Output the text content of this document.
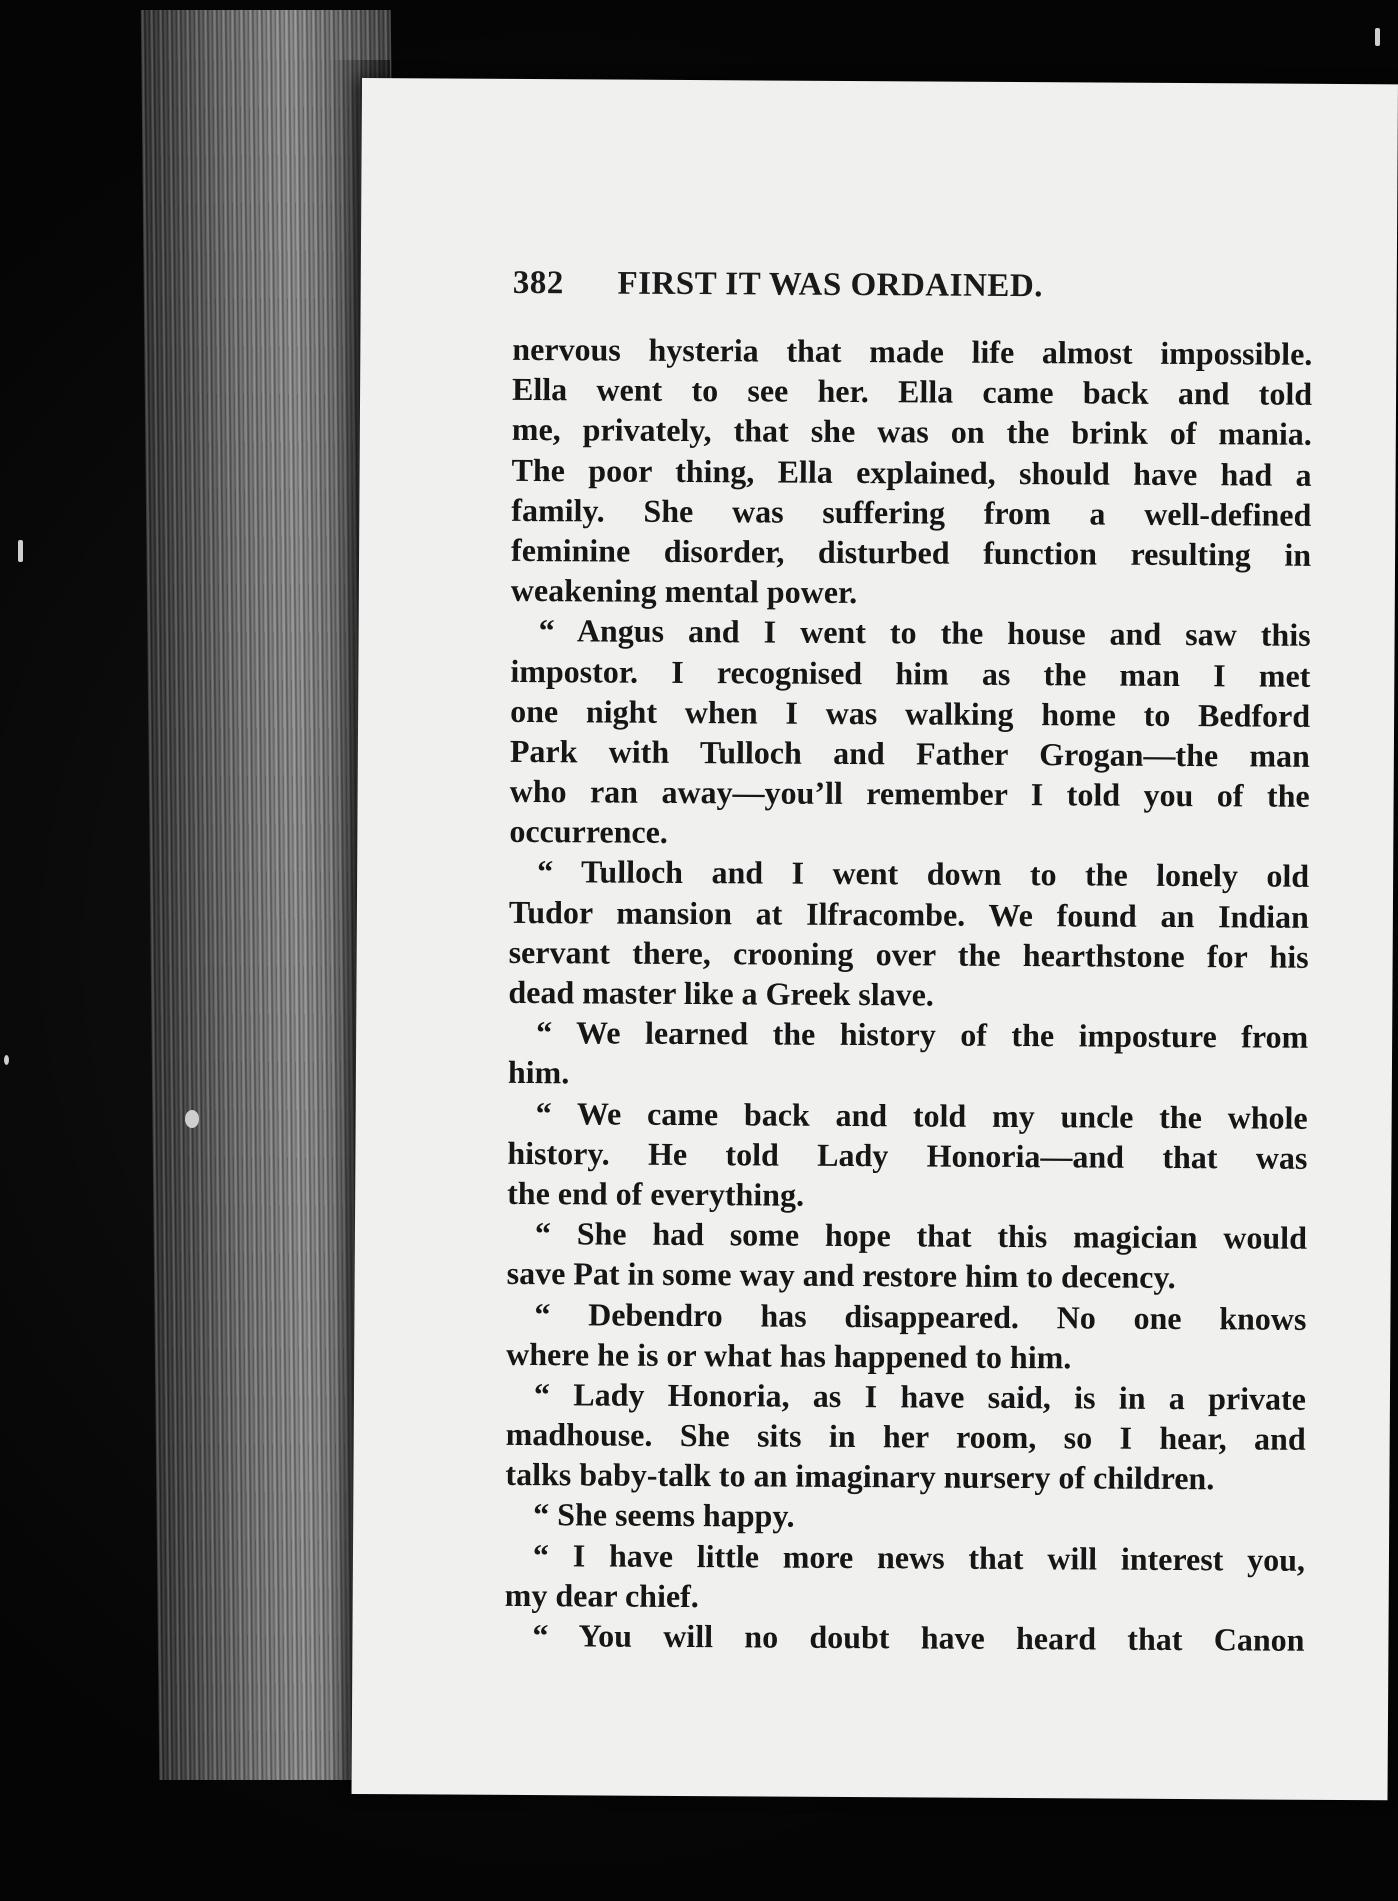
382 FIRST IT WAS ORDAINED.
nervous hysteria that made life almost impossible.
Ella went to see her. Ella came back and told
me, privately, that she was on the brink of mania.
The poor thing, Ella explained, should have had a
family. She was suffering from a well-defined
feminine disorder, disturbed function resulting in
weakening mental power.
“ Angus and I went to the house and saw this
impostor. I recognised him as the man I met
one night when I was walking home to Bedford
Park with Tulloch and Father Grogan—the man
who ran away—you’ll remember I told you of the
occurrence.
“ Tulloch and I went down to the lonely old
Tudor mansion at Ilfracombe. We found an Indian
servant there, crooning over the hearthstone for his
dead master like a Greek slave.
“ We learned the history of the imposture from
him.
“ We came back and told my uncle the whole
history. He told Lady Honoria—and that was
the end of everything.
“ She had some hope that this magician would
save Pat in some way and restore him to decency.
“ Debendro has disappeared. No one knows
where he is or what has happened to him.
“ Lady Honoria, as I have said, is in a private
madhouse. She sits in her room, so I hear, and
talks baby-talk to an imaginary nursery of children.
“ She seems happy.
“ I have little more news that will interest you,
my dear chief.
“ You will no doubt have heard that Canon
